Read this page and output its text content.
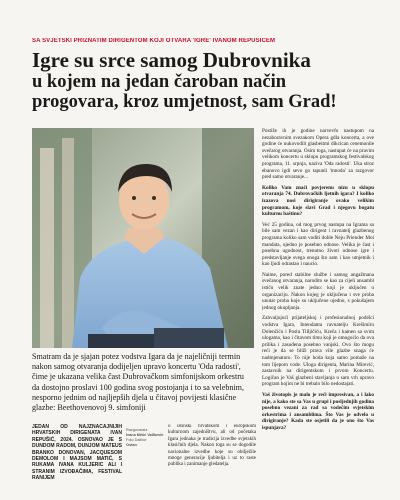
SA SVJETSKI PRIZNATIM DIRIGENTOM KOJI OTVARA 'IGRE' IVANOM REPUŠIĆEM
Igre su srce samog Dubrovnika
u kojem na jedan čaroban način
progovara, kroz umjetnost, sam Grad!

Postiže ih je godine narvevfo nastupom na nezaboravnim svezakom Opera gdla koncerta, a ove godine će nukovodili glasbeitmi dikcican cenemonile svečarog otvaranja. Osim toga, nastupat će na pravim velikom koncertu u sklopu programskog festivalskog programa, 11. srpnja, naziva 'Oda radosti'. Uka stroz ebanovo igdi sevo go tapunli 'mnoda' za razgovor pred samo otvaranje...

Koliko Vam znači povjerenu nizu u sklopu otvaranja 74. Dubrovačkih ljetnih igara? I koliko izazova nosi dirigiranje ovako velikim programom, koje slavi Grad i njegovu bogatu kulturnu baštinu?

Već 25 godina, od mog prvog nastupa na Igrama sa bile sam vezan i kao dirigent i ravnatelj glazbenog programa koliko sam voditi doble Neju Priender Moi mandata, ujedno je posebno odnose. Velika je čast i posebna ugodnost, trenutno životi odnose igre i predstavljanje svega onoga što sam i kao umjetnik i kao ljudi odrastao i naucio.

Naime, pored stabilne službe i samog angažmana svečanog otvaranja, narodito se kao za cijeli ansambl ističu velik znate jedno: koji je uključen u organizaciju. Nakon kojeg je uključena i sve proba unutar proba koje su uključene ujedno, s pokušajem jednog okupljanja.

Zahvaljujući prijateljskoj i profesionalnoj podršci vodstva Igara, Intendanta ravnatelju Krešimiru Dolenčiću i Poslu Tilljičiću, Kreča i kamen sa svim ulogama, kao i čitavom timu koji je omogućio da ova prilika i zasuđena posebno vanjski. Ovo što mogu reći je da se bliži prava vile glazbe snaga će nadmjenaturo. To nije hoda koja samo pomaže na tom lijepom vode. Uloga dirigenta, Marina Mirević, zastavnik na dirigentskom i prvom Koncertu. Logičan je Vaš glazbeni stavljanja u sam vrh upravo program kojim ne bi trebalo bilo nedostajati.

Vaš životopis je malo je reći impresivan, a i lako nije, a kako ste sa Vas u grupi i posljednjih godina posebno vezani za rad sa vodećim svjetskim orkestrima i ansamblima. Što Vas je odvelo u dirigiranje? Kada ste osjetili da je ono što Vas ispunjava?

Smatram da je sjajan potez vodstva Igara da je najeličniji termin
nakon samog otvaranja dodijeljen upravo koncertu 'Oda radosti',
čime je ukazana velika čast Dubrovačkom simfonijskom orkestru
da dostojno proslavi 100 godina svog postojanja i to sa velebnim,
nesporno jednim od najljepših djela u čitavoj povijesti klasične
glazbe: Beethovenovoj 9. simfoniji

JEDAN OD NAJZNAČAJNIJIH HRVATSKIH DIRIGENATA IVAN REPUŠIĆ, 2024. OSNOVAO JE S DUNDOM RADOM, DUNJOM MATEUS BRANKO DONOVAN, JACQUESOM DEMOLOM I MAJSOM MATIĆ, S RUKAMA IVANA KULJERIC ALI I STRANIM IZVOĐAČIMA, FESTIVAL RANIJEM

Razgovarala
Ivana Mišić Vallkević
Foto Dalibor
Ostan

o istinski hrvatskom i europskom kulturnom zajedništvu, ali od početaka Igara jednaka je tradicija izvedbe svjetskih klasičnih djela. Nakon toga su se dogodile nacionalne izvedbe koje su obilježile mnoge generacije ljubitelja i uz to raste publika i zanimanje gledatelja.
